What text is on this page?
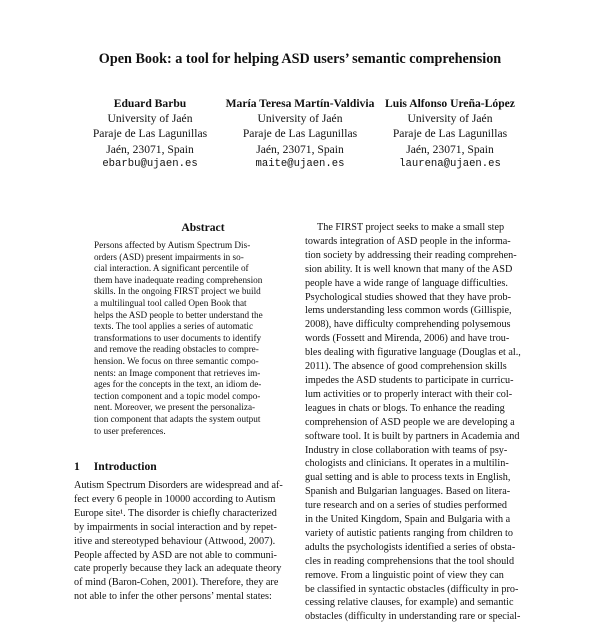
Open Book: a tool for helping ASD users’ semantic comprehension
Eduard Barbu
University of Jaén
Paraje de Las Lagunillas
Jaén, 23071, Spain
ebarbu@ujaen.es
María Teresa Martín-Valdivia
University of Jaén
Paraje de Las Lagunillas
Jaén, 23071, Spain
maite@ujaen.es
Luis Alfonso Ureña-López
University of Jaén
Paraje de Las Lagunillas
Jaén, 23071, Spain
laurena@ujaen.es
Abstract
Persons affected by Autism Spectrum Dis-
orders (ASD) present impairments in so-
cial interaction. A significant percentile of
them have inadequate reading comprehension
skills. In the ongoing FIRST project we build
a multilingual tool called Open Book that
helps the ASD people to better understand the
texts. The tool applies a series of automatic
transformations to user documents to identify
and remove the reading obstacles to compre-
hension. We focus on three semantic compo-
nents: an Image component that retrieves im-
ages for the concepts in the text, an idiom de-
tection component and a topic model compo-
nent. Moreover, we present the personaliza-
tion component that adapts the system output
to user preferences.
1 Introduction
Autism Spectrum Disorders are widespread and af-
fect every 6 people in 10000 according to Autism
Europe site¹. The disorder is chiefly characterized
by impairments in social interaction and by repet-
itive and stereotyped behaviour (Attwood, 2007).
People affected by ASD are not able to communi-
cate properly because they lack an adequate theory
of mind (Baron-Cohen, 2001). Therefore, they are
not able to infer the other persons’ mental states:
The FIRST project seeks to make a small step
towards integration of ASD people in the informa-
tion society by addressing their reading comprehen-
sion ability. It is well known that many of the ASD
people have a wide range of language difficulties.
Psychological studies showed that they have prob-
lems understanding less common words (Gillispie,
2008), have difficulty comprehending polysemous
words (Fossett and Mirenda, 2006) and have trou-
bles dealing with figurative language (Douglas et al.,
2011). The absence of good comprehension skills
impedes the ASD students to participate in curricu-
lum activities or to properly interact with their col-
leagues in chats or blogs. To enhance the reading
comprehension of ASD people we are developing a
software tool. It is built by partners in Academia and
Industry in close collaboration with teams of psy-
chologists and clinicians. It operates in a multilin-
gual setting and is able to process texts in English,
Spanish and Bulgarian languages. Based on litera-
ture research and on a series of studies performed
in the United Kingdom, Spain and Bulgaria with a
variety of autistic patients ranging from children to
adults the psychologists identified a series of obsta-
cles in reading comprehensions that the tool should
remove. From a linguistic point of view they can
be classified in syntactic obstacles (difficulty in pro-
cessing relative clauses, for example) and semantic
obstacles (difficulty in understanding rare or special-
